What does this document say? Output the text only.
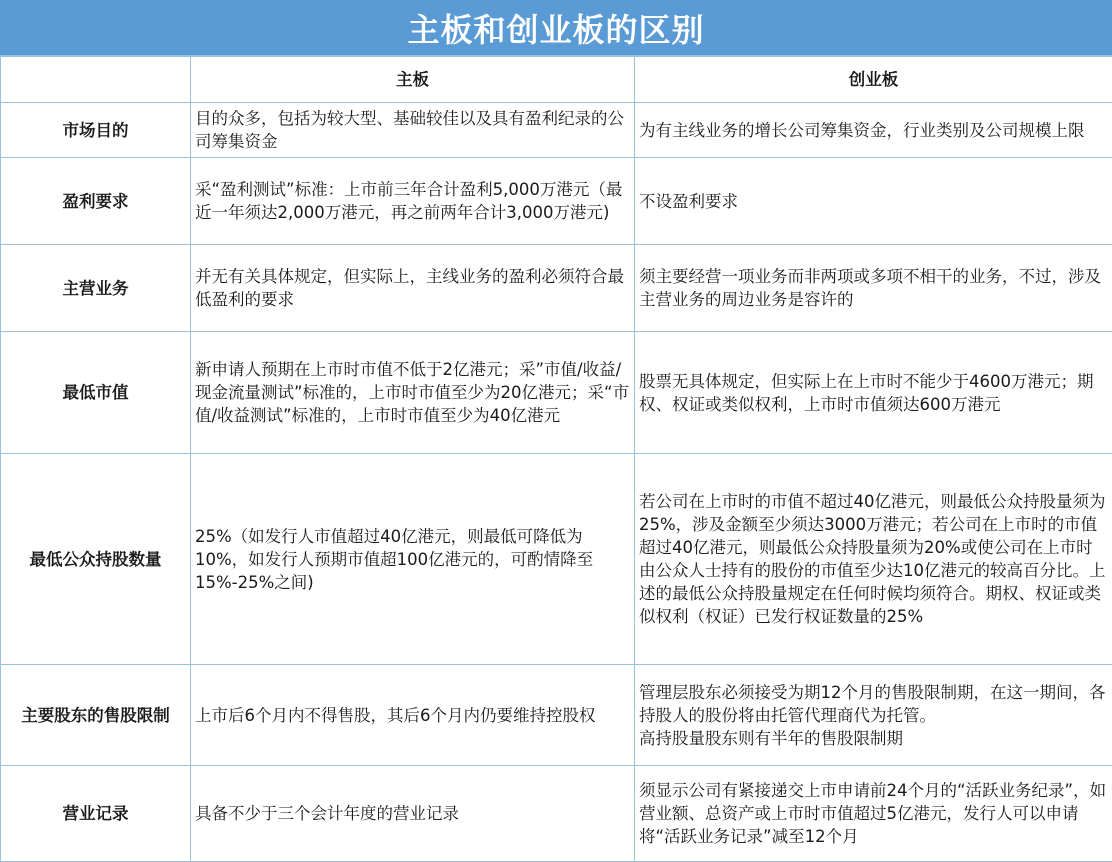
主板和创业板的区别
	主板	创业板
市场目的	目的众多，包括为较大型、基础较佳以及具有盈利纪录的公司筹集资金	为有主线业务的增长公司筹集资金，行业类别及公司规模上限
盈利要求	采“盈利测试”标准：上市前三年合计盈利5,000万港元（最近一年须达2,000万港元，再之前两年合计3,000万港元)	不设盈利要求
主营业务	并无有关具体规定，但实际上，主线业务的盈利必须符合最低盈利的要求	须主要经营一项业务而非两项或多项不相干的业务，不过，涉及主营业务的周边业务是容许的
最低市值	新申请人预期在上市时市值不低于2亿港元；采”市值/收益/现金流量测试”标准的，上市时市值至少为20亿港元；采“市值/收益测试”标准的，上市时市值至少为40亿港元	股票无具体规定，但实际上在上市时不能少于4600万港元；期权、权证或类似权利，上市时市值须达600万港元
最低公众持股数量	25%（如发行人市值超过40亿港元，则最低可降低为10%，如发行人预期市值超100亿港元的，可酌情降至15%-25%之间)	若公司在上市时的市值不超过40亿港元，则最低公众持股量须为25%，涉及金额至少须达3000万港元；若公司在上市时的市值超过40亿港元，则最低公众持股量须为20%或使公司在上市时由公众人士持有的股份的市值至少达10亿港元的较高百分比。上述的最低公众持股量规定在任何时候均须符合。期权、权证或类似权利（权证）已发行权证数量的25%
主要股东的售股限制	上市后6个月内不得售股，其后6个月内仍要维持控股权	管理层股东必须接受为期12个月的售股限制期，在这一期间，各持股人的股份将由托管代理商代为托管。
高持股量股东则有半年的售股限制期
营业记录	具备不少于三个会计年度的营业记录	须显示公司有紧接递交上市申请前24个月的“活跃业务纪录”，如营业额、总资产或上市时市值超过5亿港元，发行人可以申请将“活跃业务记录”减至12个月
